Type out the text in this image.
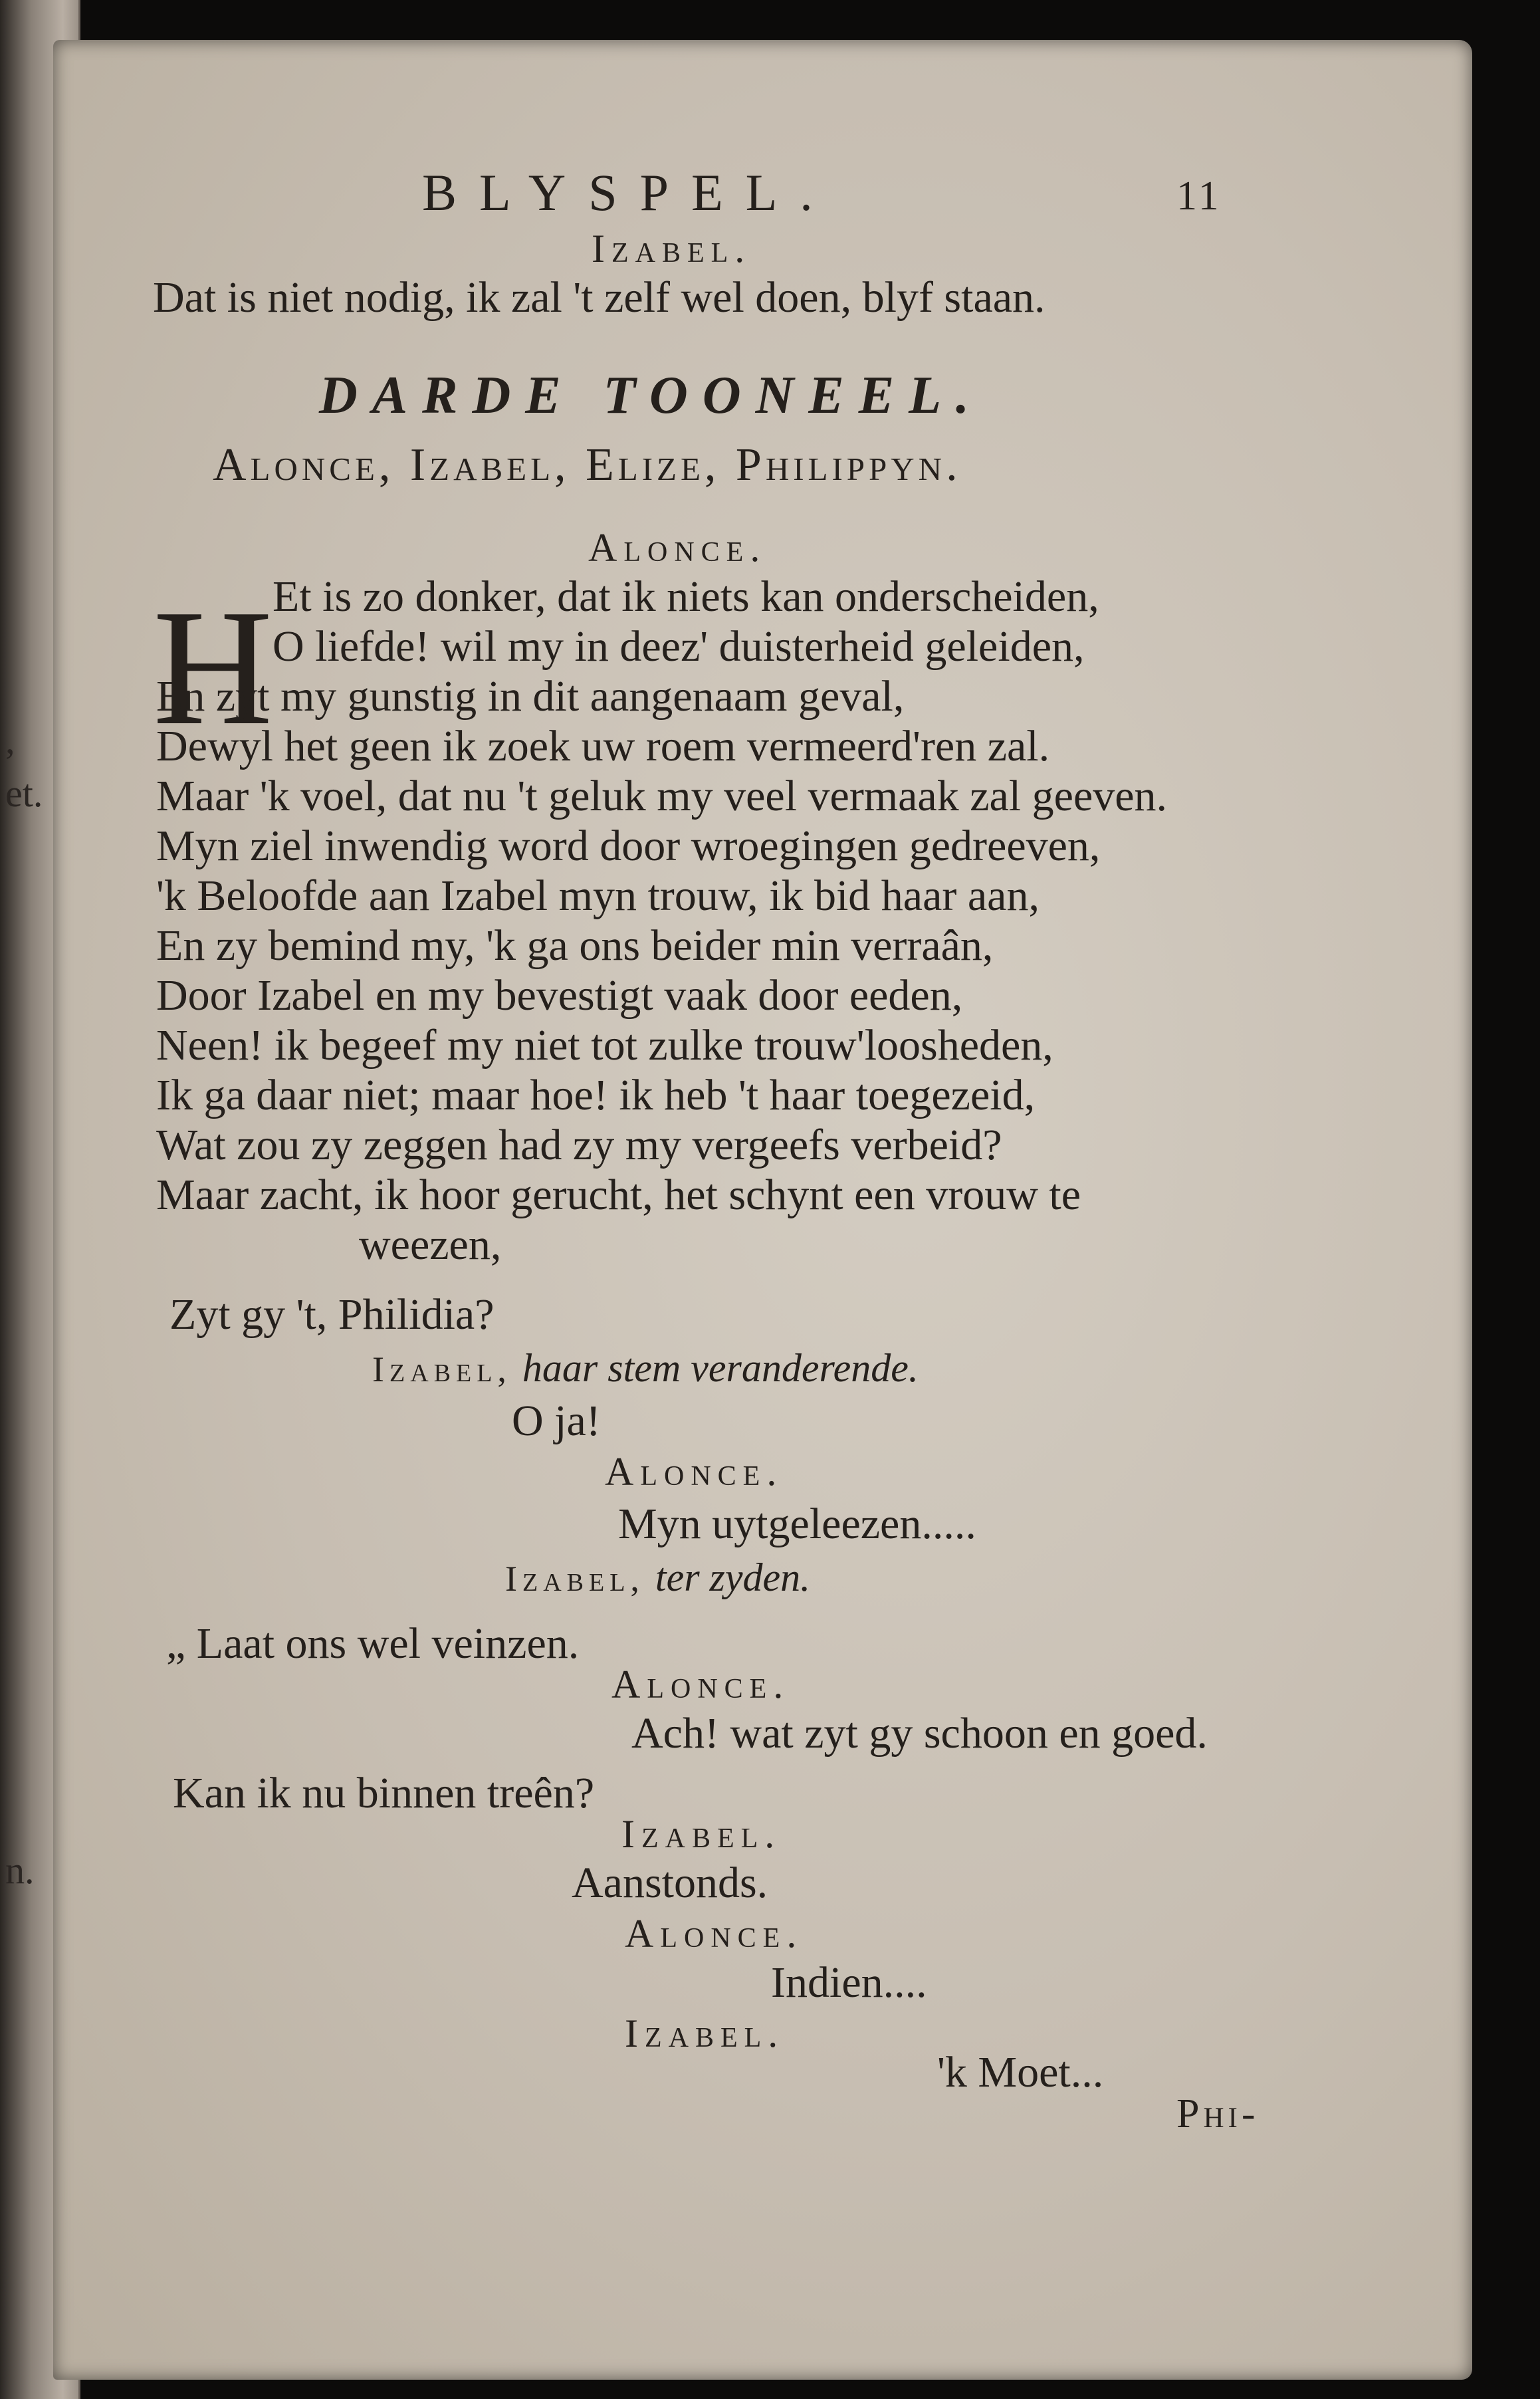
,
et.
n.
BLYSPEL.	11
Izabel.
Dat is niet nodig, ik zal 't zelf wel doen, blyf staan.
DARDE TOONEEL.
Alonce, Izabel, Elize, Philippyn.
Alonce.
H Et is zo donker, dat ik niets kan onderscheiden,
O liefde! wil my in deez' duisterheid geleiden,
En zyt my gunstig in dit aangenaam geval,
Dewyl het geen ik zoek uw roem vermeerd'ren zal.
Maar 'k voel, dat nu 't geluk my veel vermaak zal geeven.
Myn ziel inwendig word door wroegingen gedreeven,
'k Beloofde aan Izabel myn trouw, ik bid haar aan,
En zy bemind my, 'k ga ons beider min verraân,
Door Izabel en my bevestigt vaak door eeden,
Neen! ik begeef my niet tot zulke trouw'loosheden,
Ik ga daar niet; maar hoe! ik heb 't haar toegezeid,
Wat zou zy zeggen had zy my vergeefs verbeid?
Maar zacht, ik hoor gerucht, het schynt een vrouw te
weezen,
Zyt gy 't, Philidia?
Izabel, haar stem veranderende.
O ja!
Alonce.
Myn uytgeleezen.....
Izabel, ter zyden.
„ Laat ons wel veinzen.
Alonce.
Ach! wat zyt gy schoon en goed.
Kan ik nu binnen treên?
Izabel.
Aanstonds.
Alonce.
Indien....
Izabel.
'k Moet...
Phi-
